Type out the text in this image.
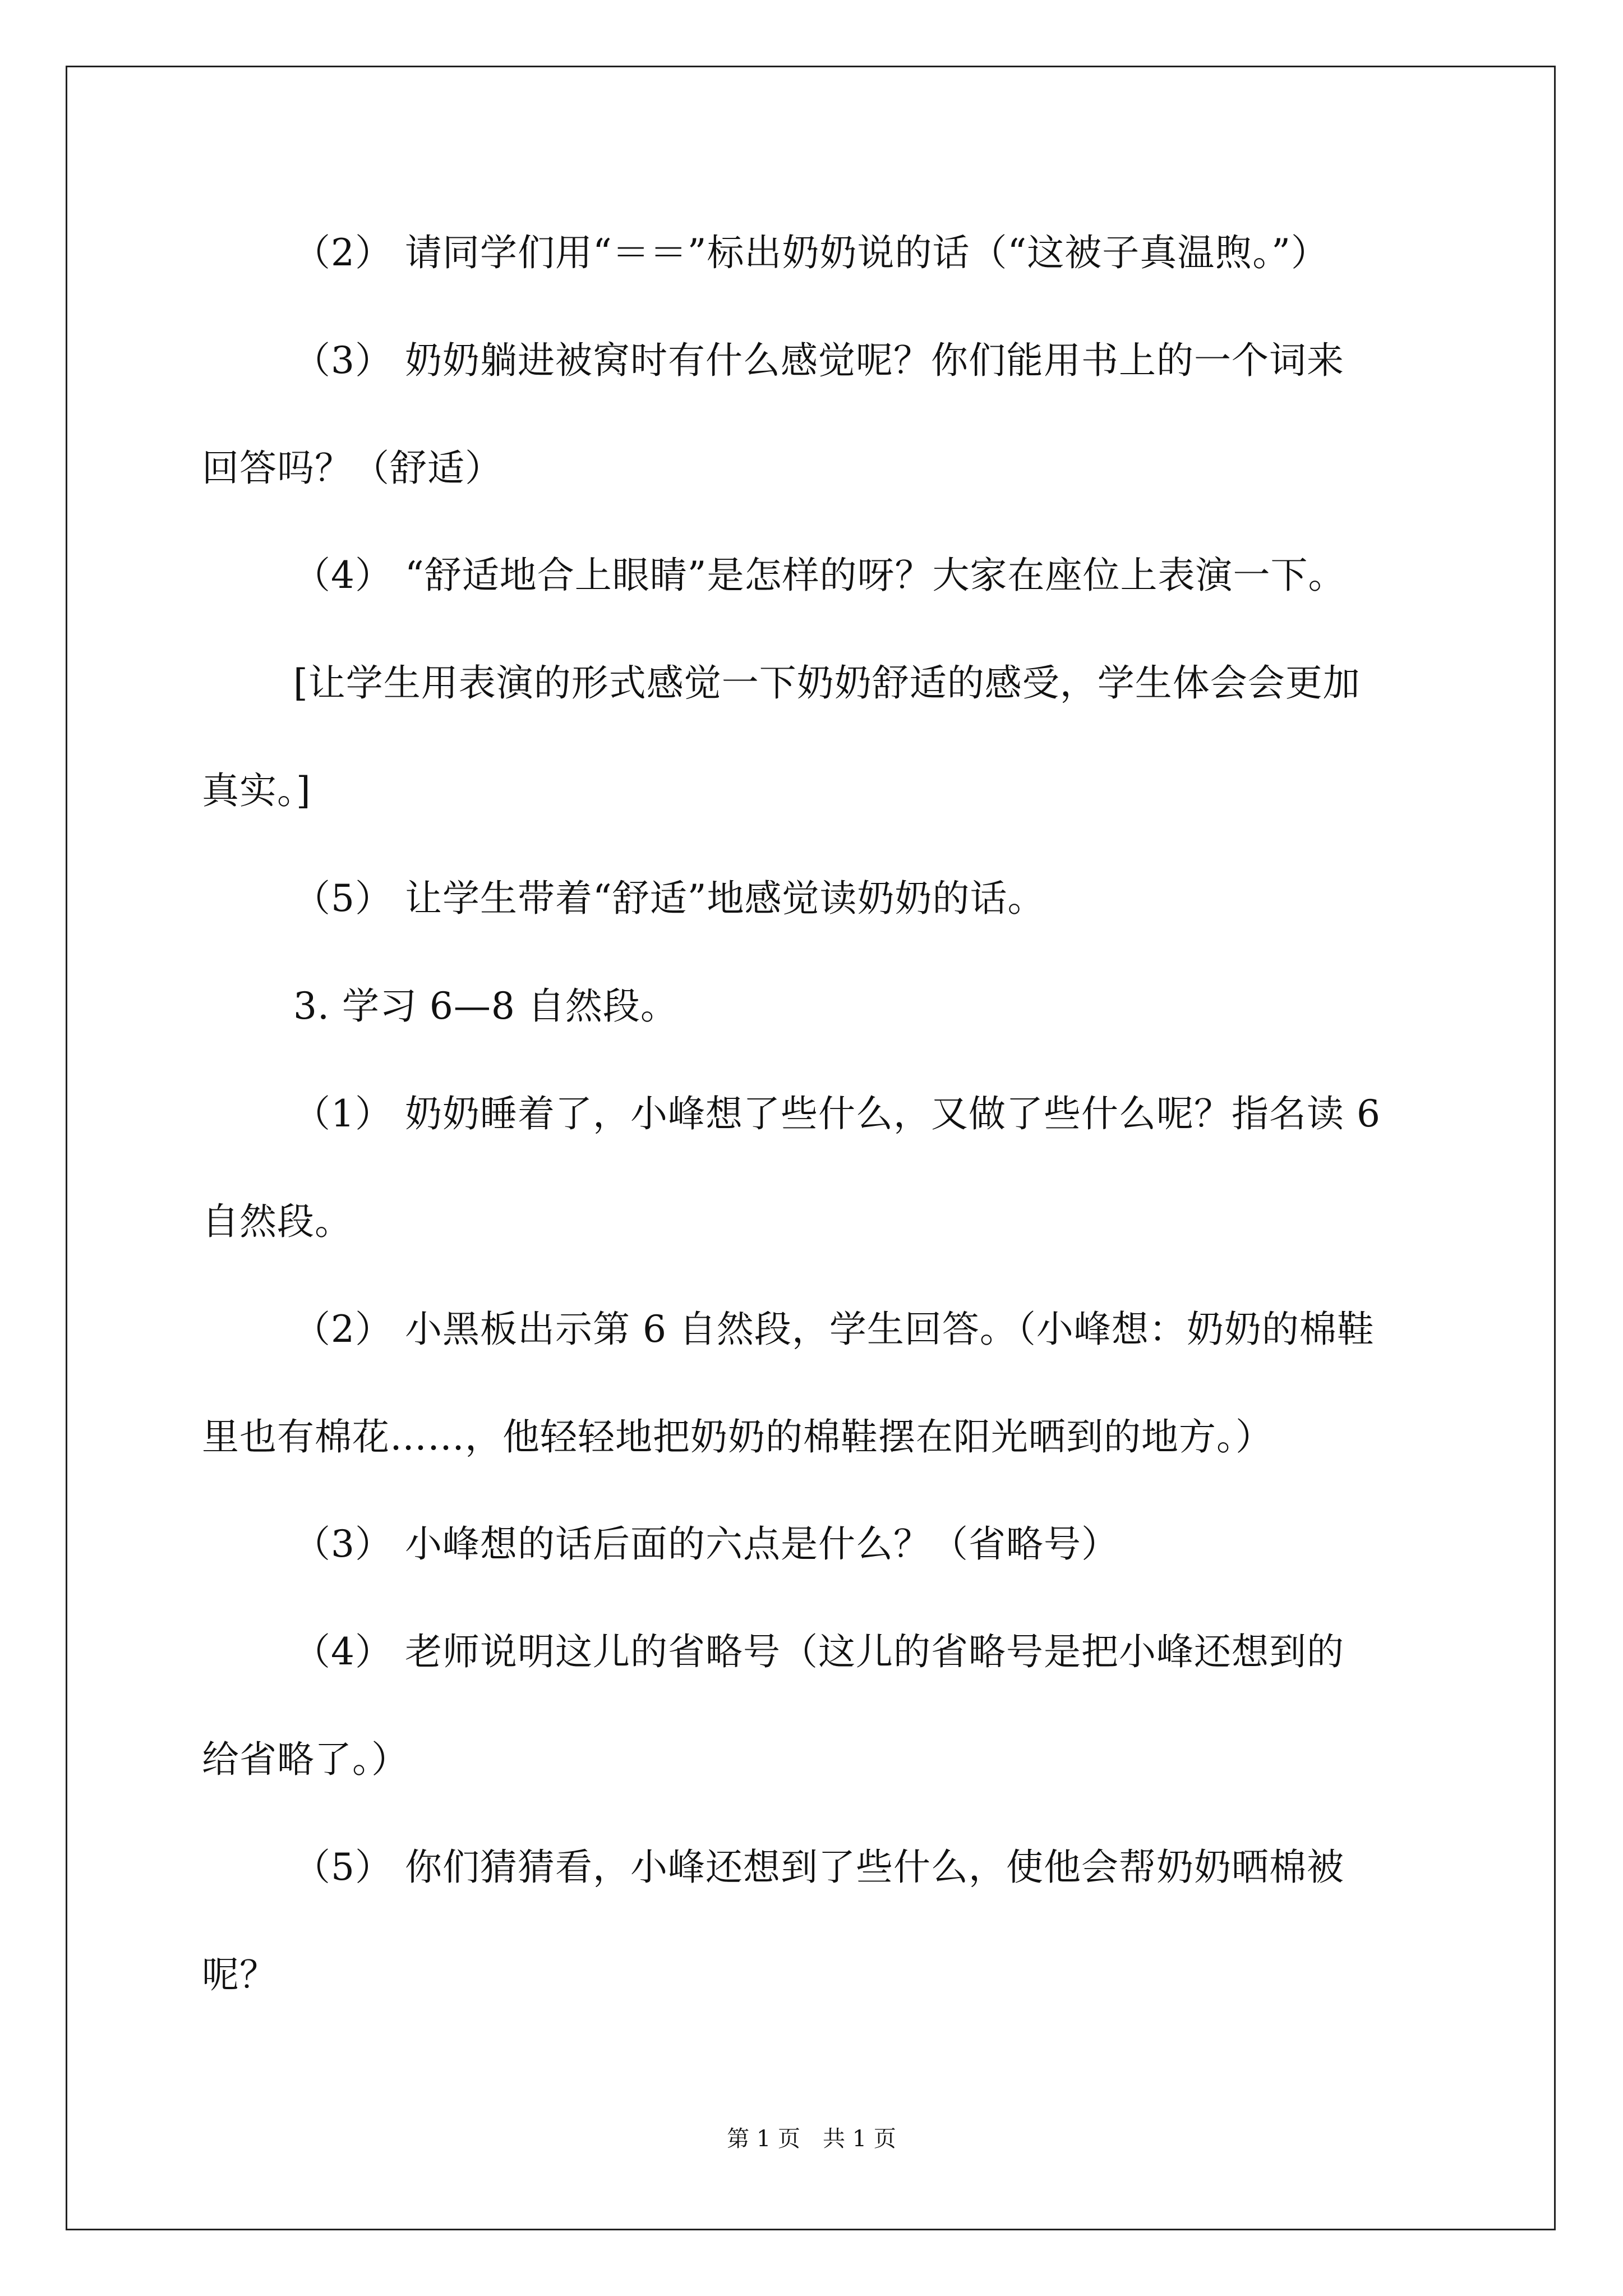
（2） 请同学们用“＝＝”标出奶奶说的话（“这被子真温煦。”）
（3） 奶奶躺进被窝时有什么感觉呢？你们能用书上的一个词来
回答吗？（舒适）
（4） “舒适地合上眼睛”是怎样的呀？大家在座位上表演一下。
[让学生用表演的形式感觉一下奶奶舒适的感受，学生体会会更加
真实。]
（5） 让学生带着“舒适”地感觉读奶奶的话。
3. 学习 6—8 自然段。
（1） 奶奶睡着了，小峰想了些什么，又做了些什么呢？指名读 6
自然段。
（2） 小黑板出示第 6 自然段，学生回答。（小峰想：奶奶的棉鞋
里也有棉花……，他轻轻地把奶奶的棉鞋摆在阳光晒到的地方。）
（3） 小峰想的话后面的六点是什么？（省略号）
（4） 老师说明这儿的省略号（这儿的省略号是把小峰还想到的
给省略了。）
（5） 你们猜猜看，小峰还想到了些什么，使他会帮奶奶晒棉被
呢？
第 1 页　共 1 页
